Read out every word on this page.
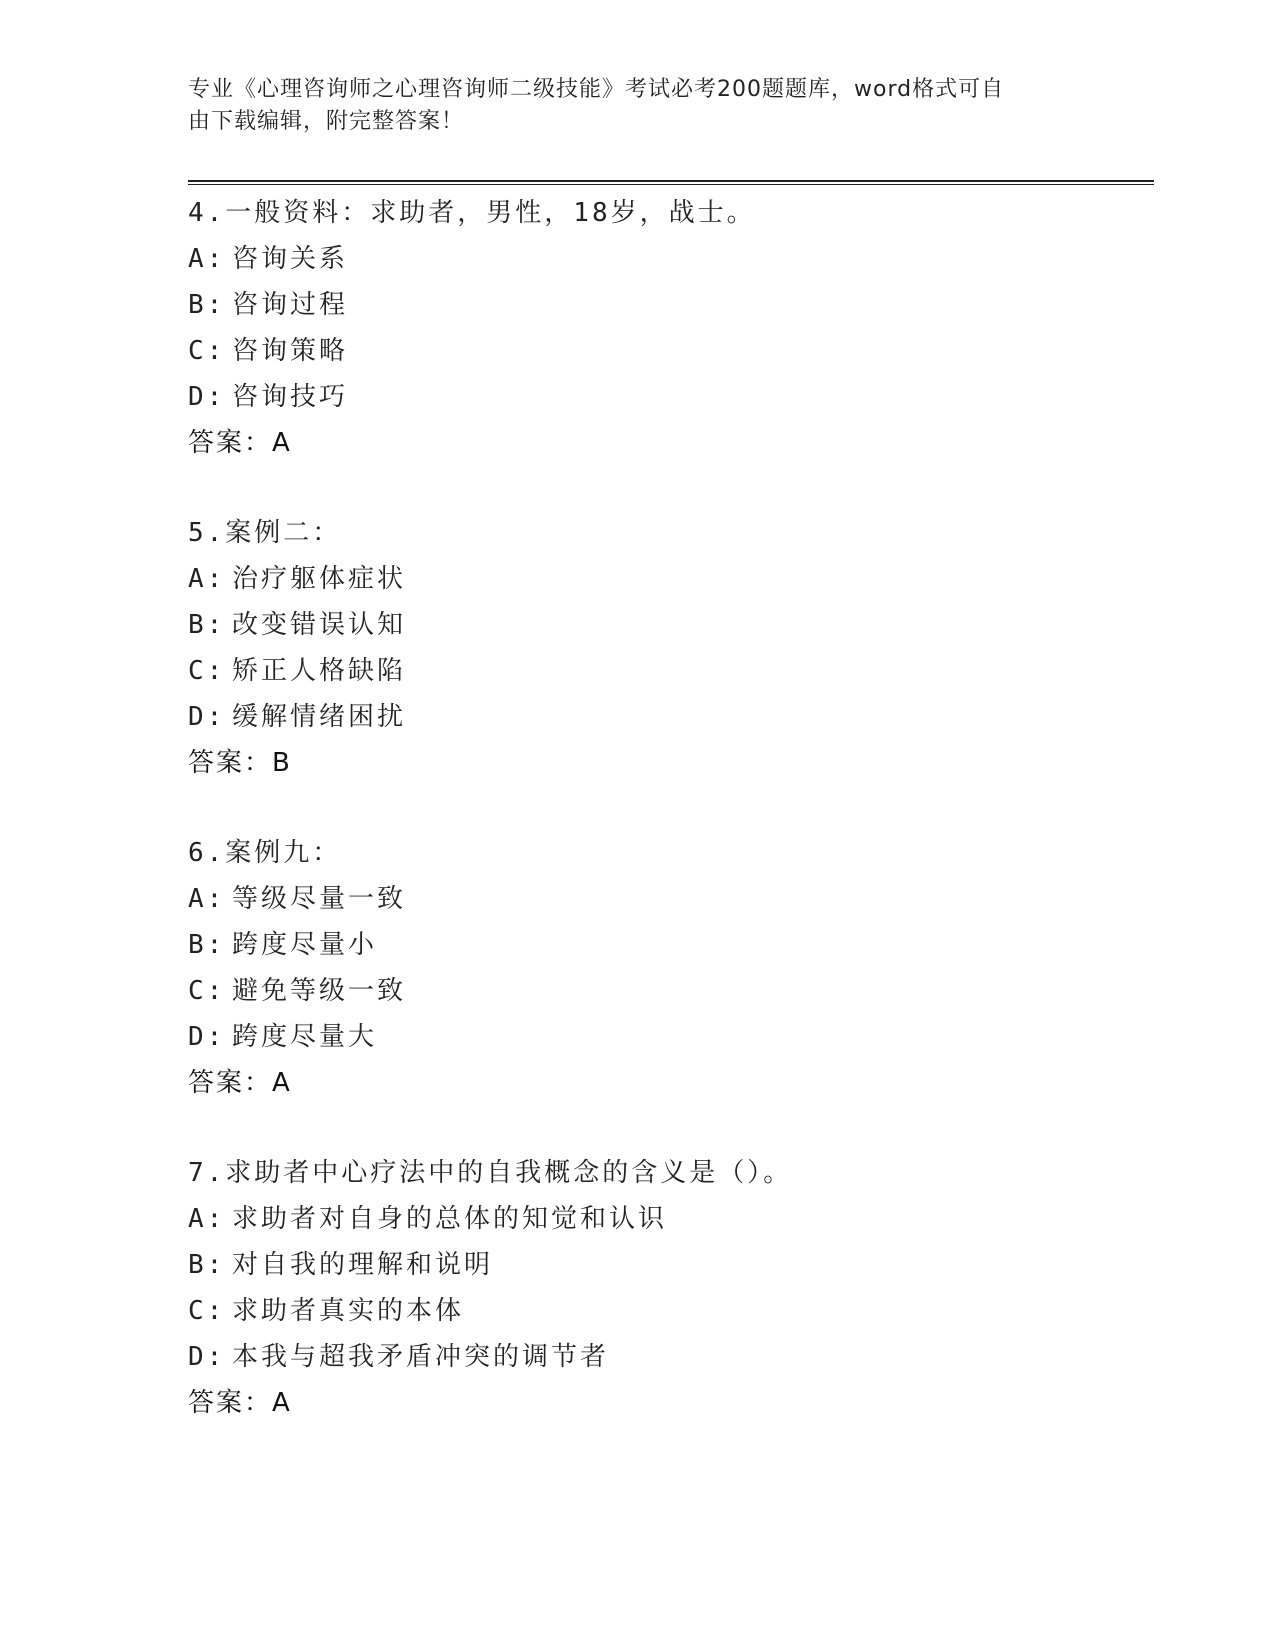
专业《心理咨询师之心理咨询师二级技能》考试必考200题题库，word格式可自
由下载编辑，附完整答案！
4.一般资料：求助者，男性，18岁，战士。
A: 咨询关系
B: 咨询过程
C: 咨询策略
D: 咨询技巧
答案：A
5.案例二：
A: 治疗躯体症状
B: 改变错误认知
C: 矫正人格缺陷
D: 缓解情绪困扰
答案：B
6.案例九：
A: 等级尽量一致
B: 跨度尽量小
C: 避免等级一致
D: 跨度尽量大
答案：A
7.求助者中心疗法中的自我概念的含义是（）。
A: 求助者对自身的总体的知觉和认识
B: 对自我的理解和说明
C: 求助者真实的本体
D: 本我与超我矛盾冲突的调节者
答案：A
